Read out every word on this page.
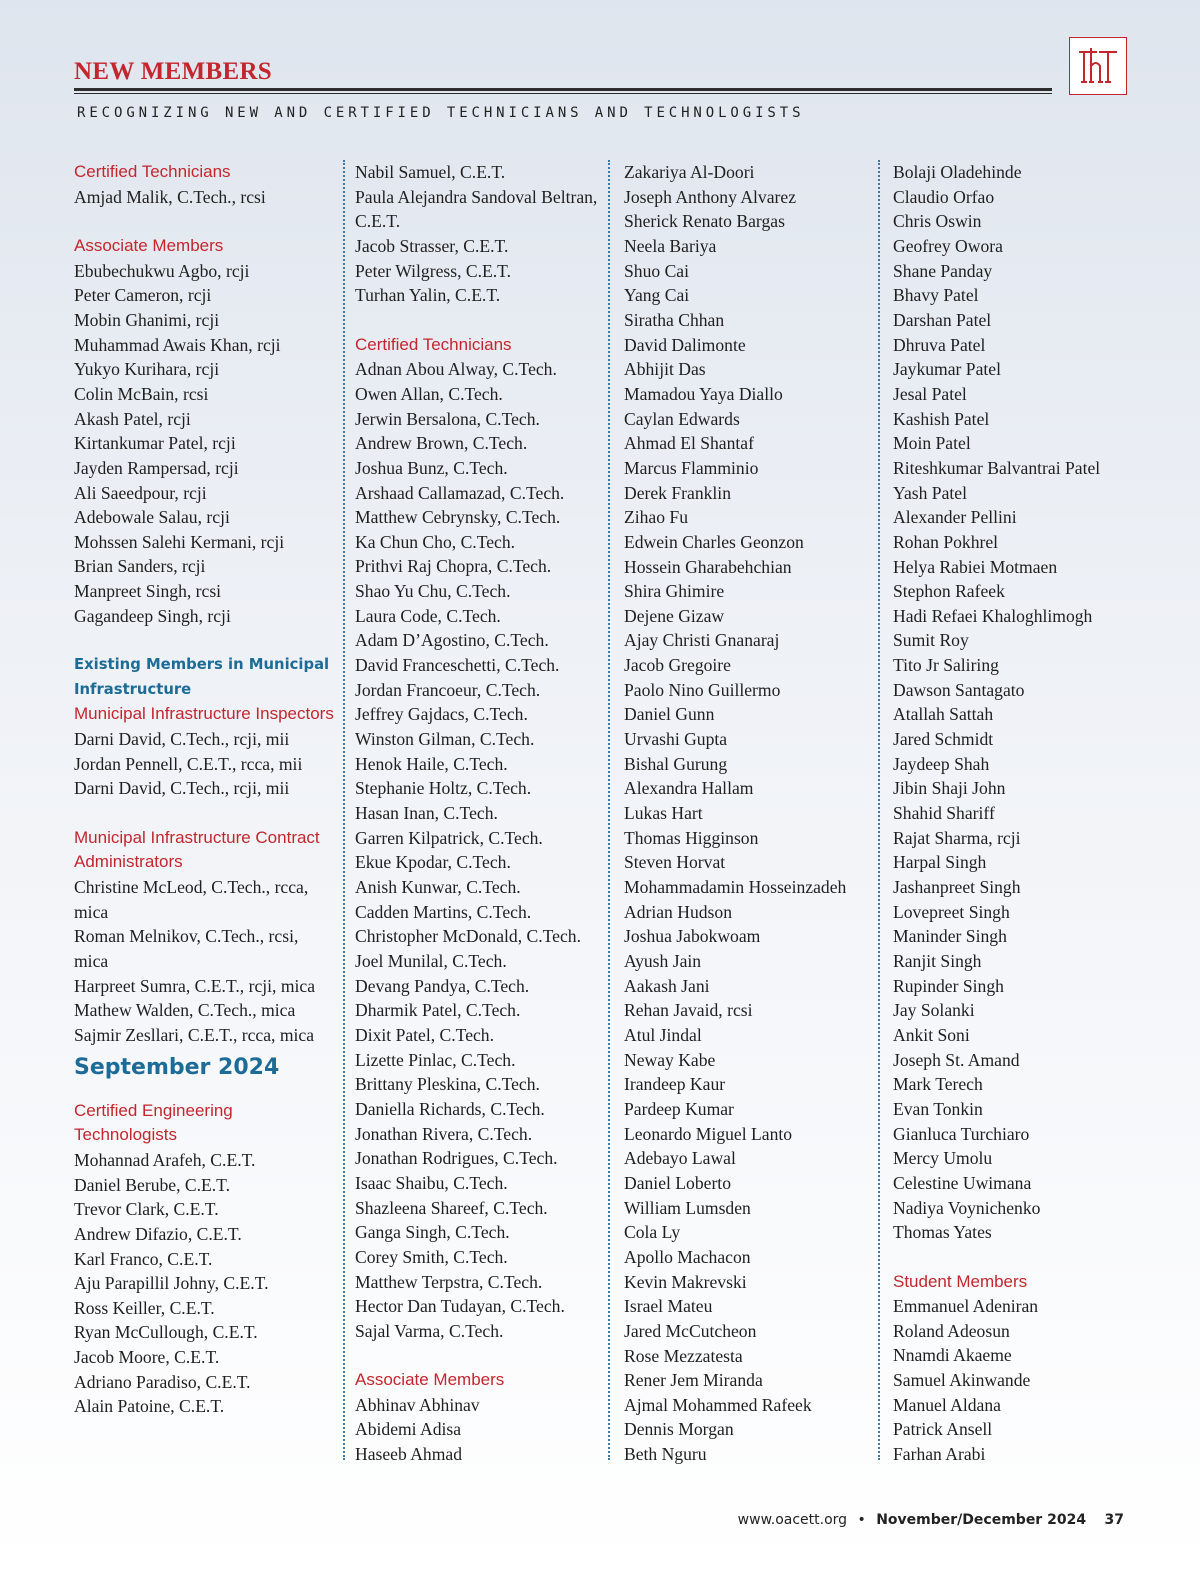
NEW MEMBERS
RECOGNIZING NEW AND CERTIFIED TECHNICIANS AND TECHNOLOGISTS
Certified Technicians
Amjad Malik, C.Tech., rcsi
Associate Members
Ebubechukwu Agbo, rcji
Peter Cameron, rcji
Mobin Ghanimi, rcji
Muhammad Awais Khan, rcji
Yukyo Kurihara, rcji
Colin McBain, rcsi
Akash Patel, rcji
Kirtankumar Patel, rcji
Jayden Rampersad, rcji
Ali Saeedpour, rcji
Adebowale Salau, rcji
Mohssen Salehi Kermani, rcji
Brian Sanders, rcji
Manpreet Singh, rcsi
Gagandeep Singh, rcji
Existing Members in Municipal Infrastructure
Municipal Infrastructure Inspectors
Darni David, C.Tech., rcji, mii
Jordan Pennell, C.E.T., rcca, mii
Darni David, C.Tech., rcji, mii
Municipal Infrastructure Contract Administrators
Christine McLeod, C.Tech., rcca, mica
Roman Melnikov, C.Tech., rcsi, mica
Harpreet Sumra, C.E.T., rcji, mica
Mathew Walden, C.Tech., mica
Sajmir Zesllari, C.E.T., rcca, mica
September 2024
Certified Engineering Technologists
Mohannad Arafeh, C.E.T.
Daniel Berube, C.E.T.
Trevor Clark, C.E.T.
Andrew Difazio, C.E.T.
Karl Franco, C.E.T.
Aju Parapillil Johny, C.E.T.
Ross Keiller, C.E.T.
Ryan McCullough, C.E.T.
Jacob Moore, C.E.T.
Adriano Paradiso, C.E.T.
Alain Patoine, C.E.T.
Nabil Samuel, C.E.T.
Paula Alejandra Sandoval Beltran, C.E.T.
Jacob Strasser, C.E.T.
Peter Wilgress, C.E.T.
Turhan Yalin, C.E.T.
Certified Technicians
Adnan Abou Alway, C.Tech.
Owen Allan, C.Tech.
Jerwin Bersalona, C.Tech.
Andrew Brown, C.Tech.
Joshua Bunz, C.Tech.
Arshaad Callamazad, C.Tech.
Matthew Cebrynsky, C.Tech.
Ka Chun Cho, C.Tech.
Prithvi Raj Chopra, C.Tech.
Shao Yu Chu, C.Tech.
Laura Code, C.Tech.
Adam D’Agostino, C.Tech.
David Franceschetti, C.Tech.
Jordan Francoeur, C.Tech.
Jeffrey Gajdacs, C.Tech.
Winston Gilman, C.Tech.
Henok Haile, C.Tech.
Stephanie Holtz, C.Tech.
Hasan Inan, C.Tech.
Garren Kilpatrick, C.Tech.
Ekue Kpodar, C.Tech.
Anish Kunwar, C.Tech.
Cadden Martins, C.Tech.
Christopher McDonald, C.Tech.
Joel Munilal, C.Tech.
Devang Pandya, C.Tech.
Dharmik Patel, C.Tech.
Dixit Patel, C.Tech.
Lizette Pinlac, C.Tech.
Brittany Pleskina, C.Tech.
Daniella Richards, C.Tech.
Jonathan Rivera, C.Tech.
Jonathan Rodrigues, C.Tech.
Isaac Shaibu, C.Tech.
Shazleena Shareef, C.Tech.
Ganga Singh, C.Tech.
Corey Smith, C.Tech.
Matthew Terpstra, C.Tech.
Hector Dan Tudayan, C.Tech.
Sajal Varma, C.Tech.
Associate Members
Abhinav Abhinav
Abidemi Adisa
Haseeb Ahmad
Zakariya Al-Doori
Joseph Anthony Alvarez
Sherick Renato Bargas
Neela Bariya
Shuo Cai
Yang Cai
Siratha Chhan
David Dalimonte
Abhijit Das
Mamadou Yaya Diallo
Caylan Edwards
Ahmad El Shantaf
Marcus Flamminio
Derek Franklin
Zihao Fu
Edwein Charles Geonzon
Hossein Gharabehchian
Shira Ghimire
Dejene Gizaw
Ajay Christi Gnanaraj
Jacob Gregoire
Paolo Nino Guillermo
Daniel Gunn
Urvashi Gupta
Bishal Gurung
Alexandra Hallam
Lukas Hart
Thomas Higginson
Steven Horvat
Mohammadamin Hosseinzadeh
Adrian Hudson
Joshua Jabokwoam
Ayush Jain
Aakash Jani
Rehan Javaid, rcsi
Atul Jindal
Neway Kabe
Irandeep Kaur
Pardeep Kumar
Leonardo Miguel Lanto
Adebayo Lawal
Daniel Loberto
William Lumsden
Cola Ly
Apollo Machacon
Kevin Makrevski
Israel Mateu
Jared McCutcheon
Rose Mezzatesta
Rener Jem Miranda
Ajmal Mohammed Rafeek
Dennis Morgan
Beth Nguru
Bolaji Oladehinde
Claudio Orfao
Chris Oswin
Geofrey Owora
Shane Panday
Bhavy Patel
Darshan Patel
Dhruva Patel
Jaykumar Patel
Jesal Patel
Kashish Patel
Moin Patel
Riteshkumar Balvantrai Patel
Yash Patel
Alexander Pellini
Rohan Pokhrel
Helya Rabiei Motmaen
Stephon Rafeek
Hadi Refaei Khaloghlimogh
Sumit Roy
Tito Jr Saliring
Dawson Santagato
Atallah Sattah
Jared Schmidt
Jaydeep Shah
Jibin Shaji John
Shahid Shariff
Rajat Sharma, rcji
Harpal Singh
Jashanpreet Singh
Lovepreet Singh
Maninder Singh
Ranjit Singh
Rupinder Singh
Jay Solanki
Ankit Soni
Joseph St. Amand
Mark Terech
Evan Tonkin
Gianluca Turchiaro
Mercy Umolu
Celestine Uwimana
Nadiya Voynichenko
Thomas Yates
Student Members
Emmanuel Adeniran
Roland Adeosun
Nnamdi Akaeme
Samuel Akinwande
Manuel Aldana
Patrick Ansell
Farhan Arabi
www.oacett.org • November/December 2024 37
